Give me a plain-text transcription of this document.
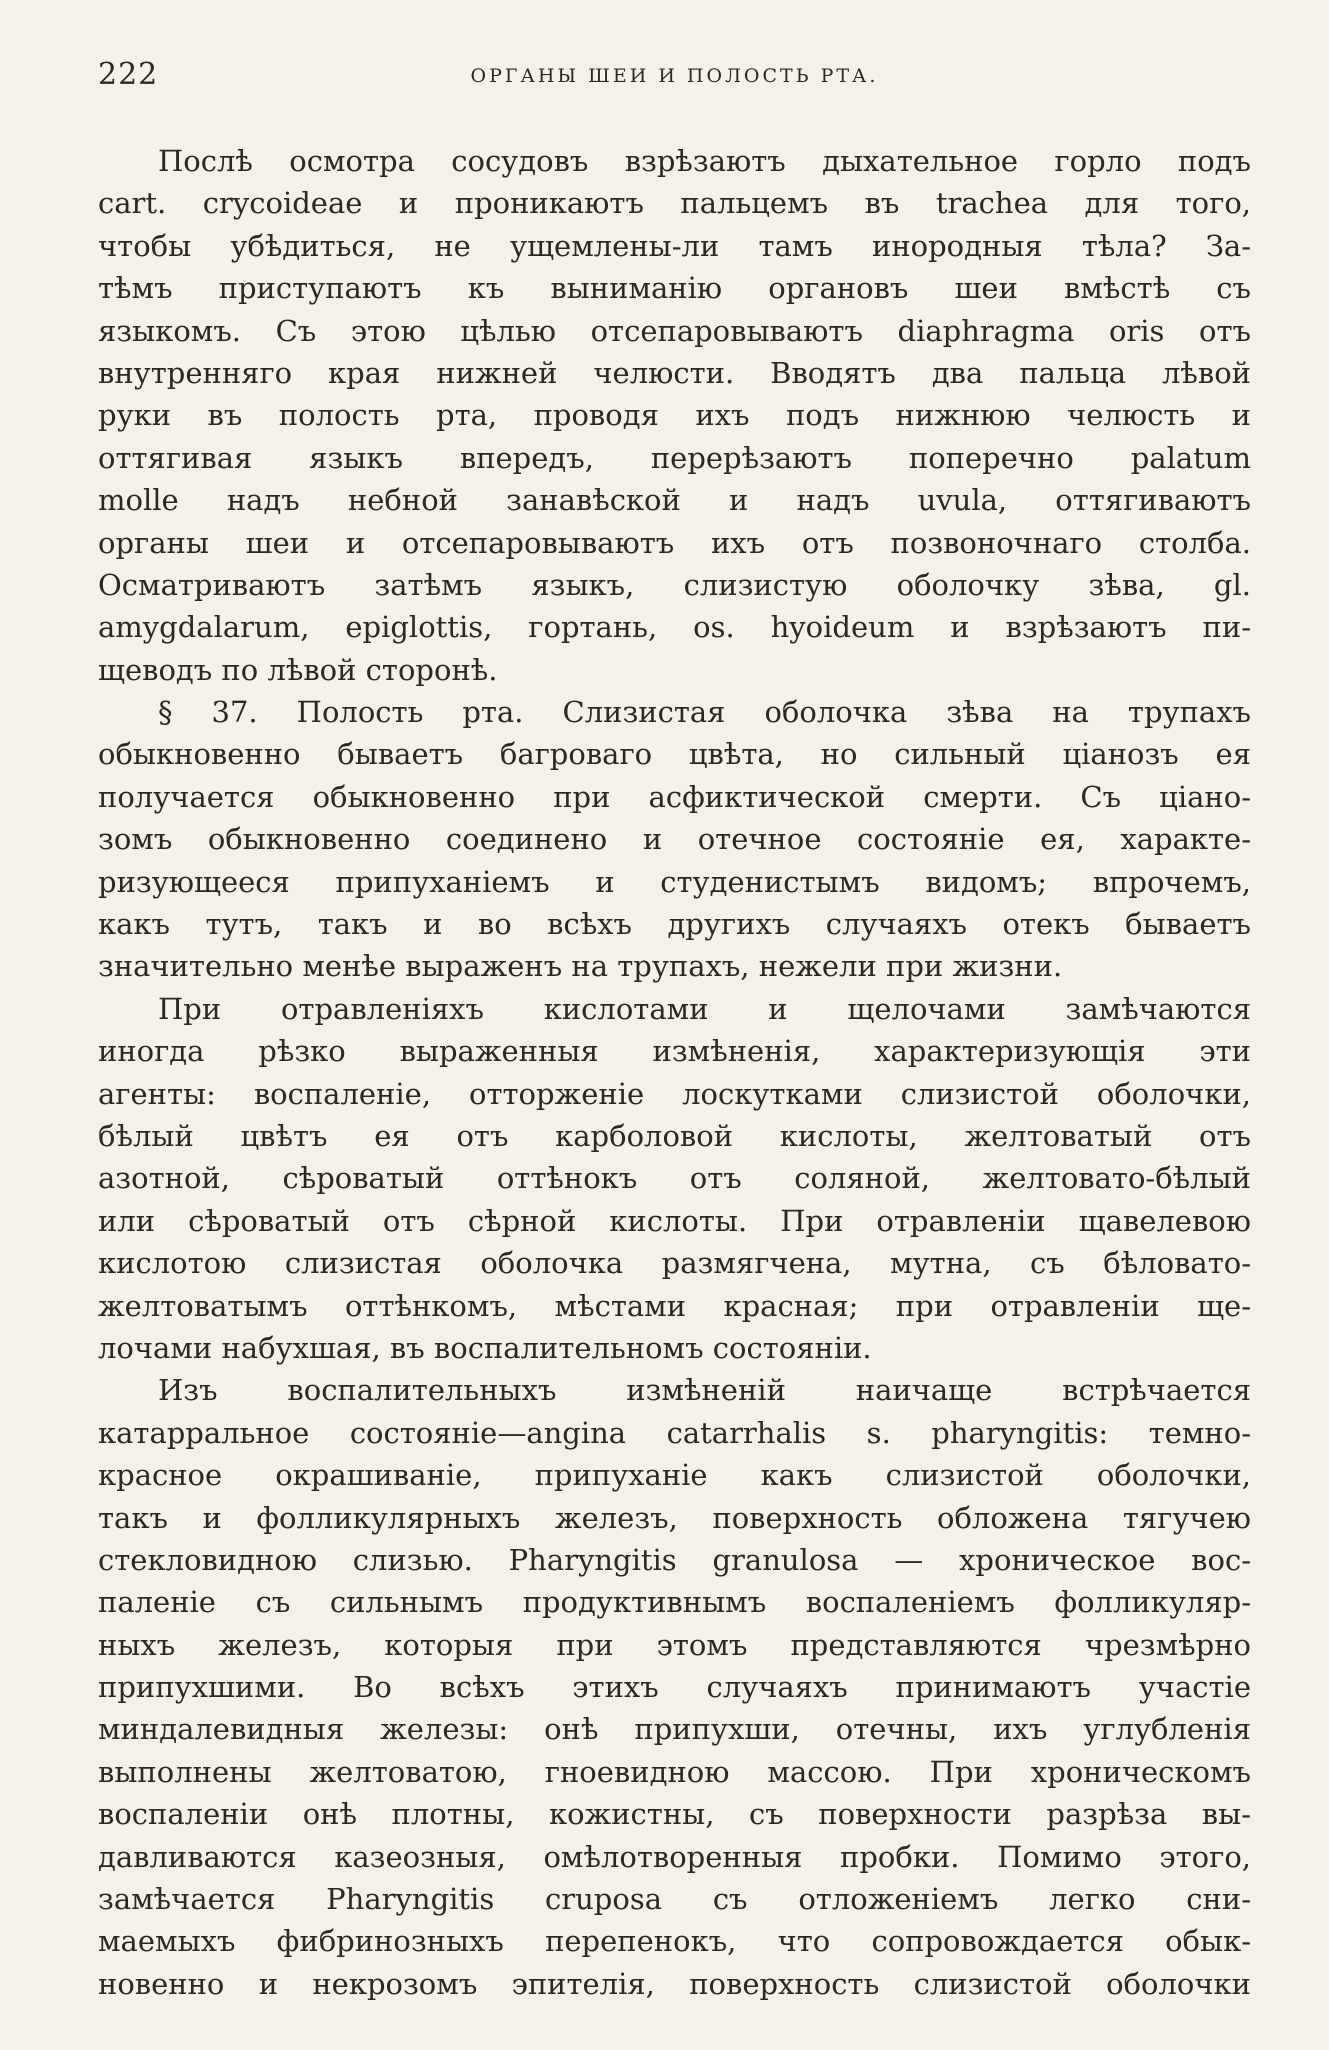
222	ОРГАНЫ ШЕИ И ПОЛОСТЬ РТА.
Послѣ осмотра сосудовъ взрѣзаютъ дыхательное горло подъ
cart. crycoideae и проникаютъ пальцемъ въ trachea для того,
чтобы убѣдиться, не ущемлены-ли тамъ инородныя тѣла? За-
тѣмъ приступаютъ къ выниманію органовъ шеи вмѣстѣ съ
языкомъ. Съ этою цѣлью отсепаровываютъ diaphragma oris отъ
внутренняго края нижней челюсти. Вводятъ два пальца лѣвой
руки въ полость рта, проводя ихъ подъ нижнюю челюсть и
оттягивая языкъ впередъ, перерѣзаютъ поперечно palatum
molle надъ небной занавѣской и надъ uvula, оттягиваютъ
органы шеи и отсепаровываютъ ихъ отъ позвоночнаго столба.
Осматриваютъ затѣмъ языкъ, слизистую оболочку зѣва, gl.
amygdalarum, epiglottis, гортань, os. hyoideum и взрѣзаютъ пи-
щеводъ по лѣвой сторонѣ.
§ 37. Полость рта. Слизистая оболочка зѣва на трупахъ
обыкновенно бываетъ багроваго цвѣта, но сильный ціанозъ ея
получается обыкновенно при асфиктической смерти. Съ ціано-
зомъ обыкновенно соединено и отечное состояніе ея, характе-
ризующееся припуханіемъ и студенистымъ видомъ; впрочемъ,
какъ тутъ, такъ и во всѣхъ другихъ случаяхъ отекъ бываетъ
значительно менѣе выраженъ на трупахъ, нежели при жизни.
При отравленіяхъ кислотами и щелочами замѣчаются
иногда рѣзко выраженныя измѣненія, характеризующія эти
агенты: воспаленіе, отторженіе лоскутками слизистой оболочки,
бѣлый цвѣтъ ея отъ карболовой кислоты, желтоватый отъ
азотной, сѣроватый оттѣнокъ отъ соляной, желтовато-бѣлый
или сѣроватый отъ сѣрной кислоты. При отравленіи щавелевою
кислотою слизистая оболочка размягчена, мутна, съ бѣловато-
желтоватымъ оттѣнкомъ, мѣстами красная; при отравленіи ще-
лочами набухшая, въ воспалительномъ состояніи.
Изъ воспалительныхъ измѣненій наичаще встрѣчается
катарральное состояніе—angina catarrhalis s. pharyngitis: темно-
красное окрашиваніе, припуханіе какъ слизистой оболочки,
такъ и фолликулярныхъ железъ, поверхность обложена тягучею
стекловидною слизью. Pharyngitis granulosa — хроническое вос-
паленіе съ сильнымъ продуктивнымъ воспаленіемъ фолликуляр-
ныхъ железъ, которыя при этомъ представляются чрезмѣрно
припухшими. Во всѣхъ этихъ случаяхъ принимаютъ участіе
миндалевидныя железы: онѣ припухши, отечны, ихъ углубленія
выполнены желтоватою, гноевидною массою. При хроническомъ
воспаленіи онѣ плотны, кожистны, съ поверхности разрѣза вы-
давливаются казеозныя, омѣлотворенныя пробки. Помимо этого,
замѣчается Pharyngitis cruposa съ отложеніемъ легко сни-
маемыхъ фибринозныхъ перепенокъ, что сопровождается обык-
новенно и некрозомъ эпителія, поверхность слизистой оболочки
